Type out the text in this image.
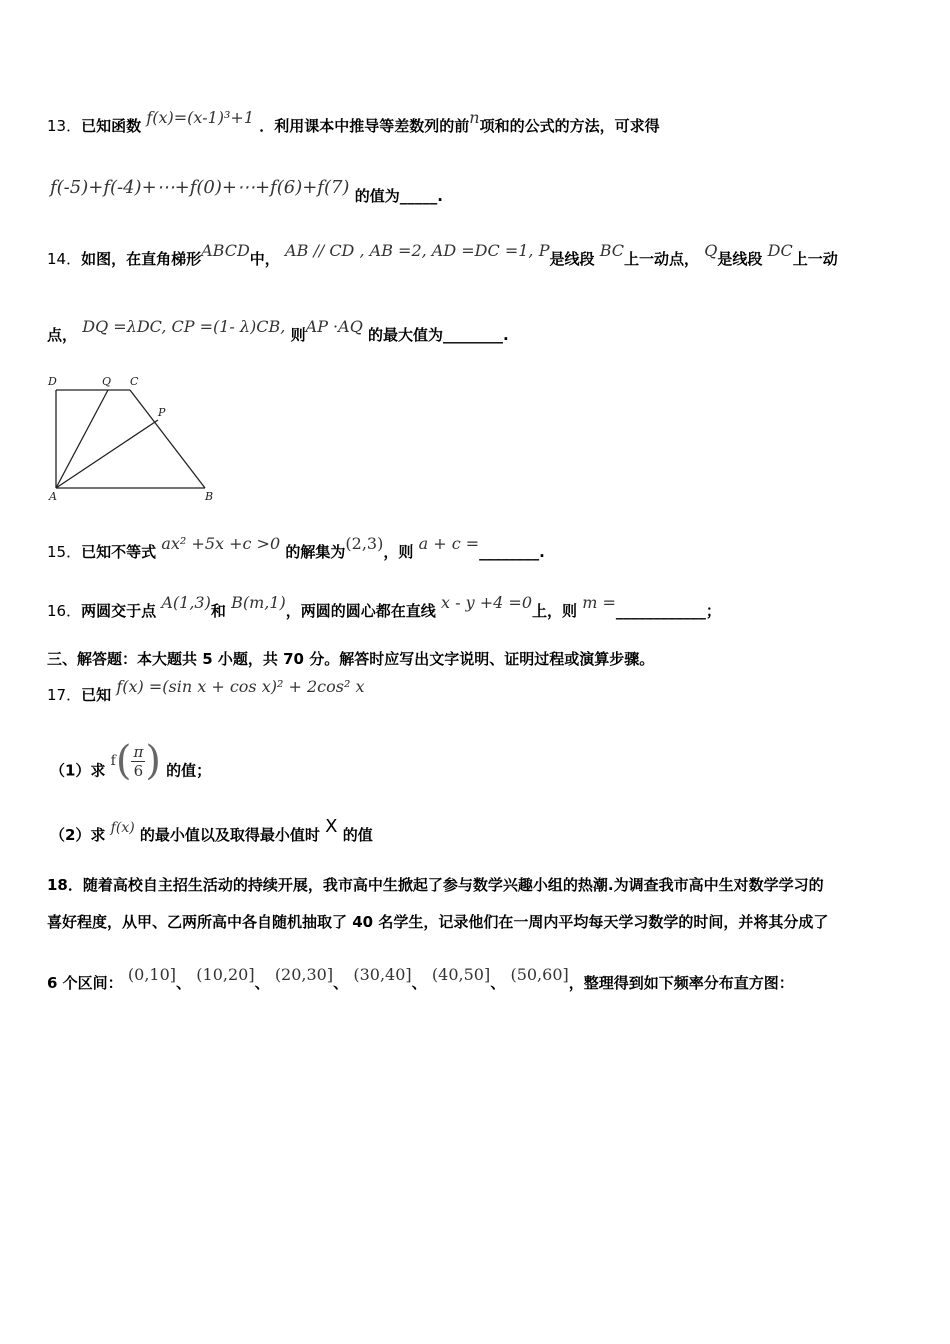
13．已知函数 f(x)=(x-1)³+1 ．利用课本中推导等差数列的前n项和的公式的方法，可求得
f(-5)+f(-4)+⋯+f(0)+⋯+f(6)+f(7) 的值为_____.
14．如图，在直角梯形ABCD中， AB // CD , AB =2, AD =DC =1, P是线段 BC上一动点， Q是线段 DC上一动
点， DQ =λDC, CP =(1- λ)CB, 则AP ·AQ 的最大值为________.
D	Q C
P
A	B
15．已知不等式 ax² +5x +c >0 的解集为(2,3)，则 a + c =________.
16．两圆交于点 A(1,3)和 B(m,1)，两圆的圆心都在直线 x - y +4 =0上，则 m =____________；
三、解答题：本大题共 5 小题，共 70 分。解答时应写出文字说明、证明过程或演算步骤。
17．已知 f(x) =(sin x + cos x)² + 2cos² x
（1）求 $f( \frac{\pi}{6}$ ) 的值；
（2）求 f(x) 的最小值以及取得最小值时 X 的值
18．随着高校自主招生活动的持续开展，我市高中生掀起了参与数学兴趣小组的热潮.为调查我市高中生对数学学习的
喜好程度，从甲、乙两所高中各自随机抽取了 40 名学生，记录他们在一周内平均每天学习数学的时间，并将其分成了
6 个区间： (0,10]、 (10,20]、 (20,30]、 (30,40]、 (40,50]、 (50,60]，整理得到如下频率分布直方图：
